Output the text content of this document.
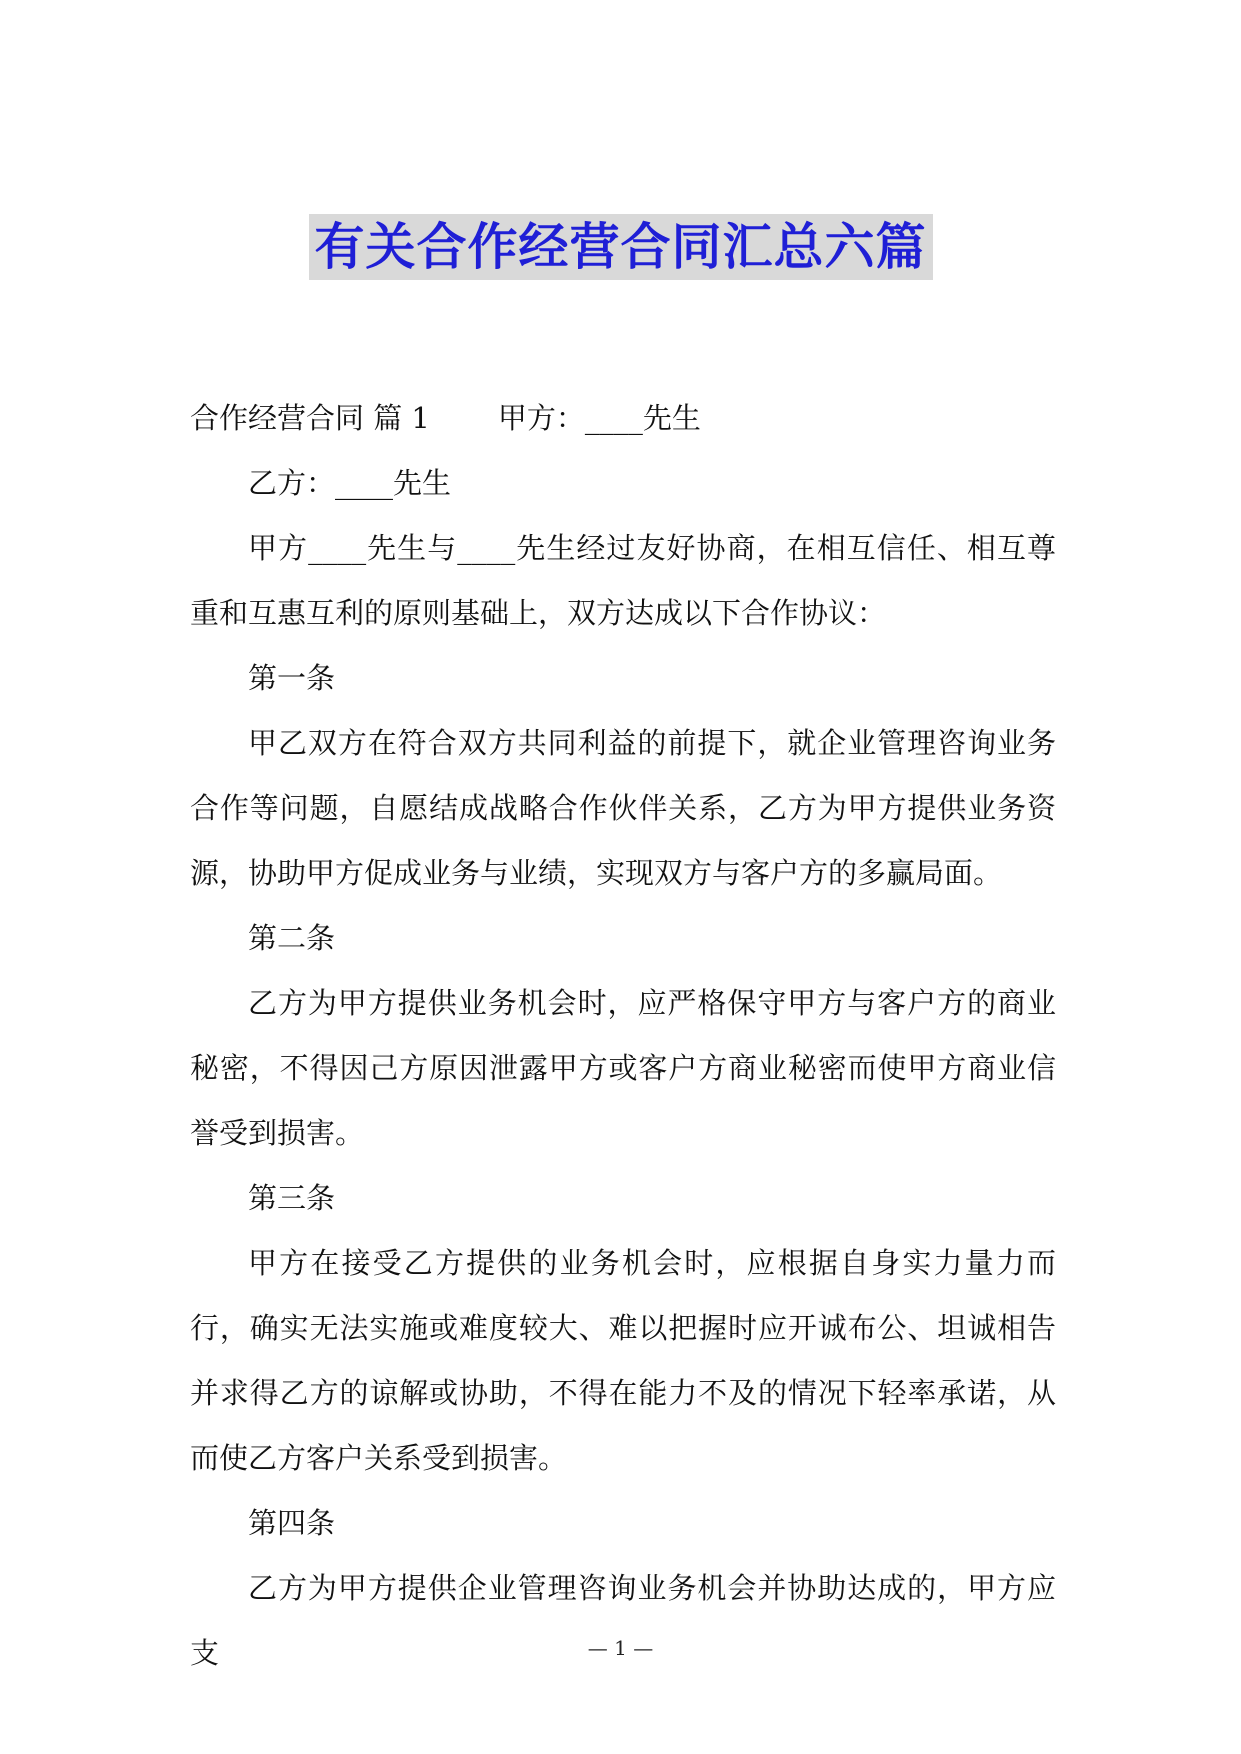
有关合作经营合同汇总六篇

合作经营合同 篇 1 甲方：____先生

乙方：____先生

甲方____先生与____先生经过友好协商，在相互信任、相互尊重和互惠互利的原则基础上，双方达成以下合作协议：

第一条

甲乙双方在符合双方共同利益的前提下，就企业管理咨询业务合作等问题，自愿结成战略合作伙伴关系，乙方为甲方提供业务资源，协助甲方促成业务与业绩，实现双方与客户方的多赢局面。

第二条

乙方为甲方提供业务机会时，应严格保守甲方与客户方的商业秘密，不得因己方原因泄露甲方或客户方商业秘密而使甲方商业信誉受到损害。

第三条

甲方在接受乙方提供的业务机会时，应根据自身实力量力而行，确实无法实施或难度较大、难以把握时应开诚布公、坦诚相告并求得乙方的谅解或协助，不得在能力不及的情况下轻率承诺，从而使乙方客户关系受到损害。

第四条

乙方为甲方提供企业管理咨询业务机会并协助达成的，甲方应支	— 1 —
